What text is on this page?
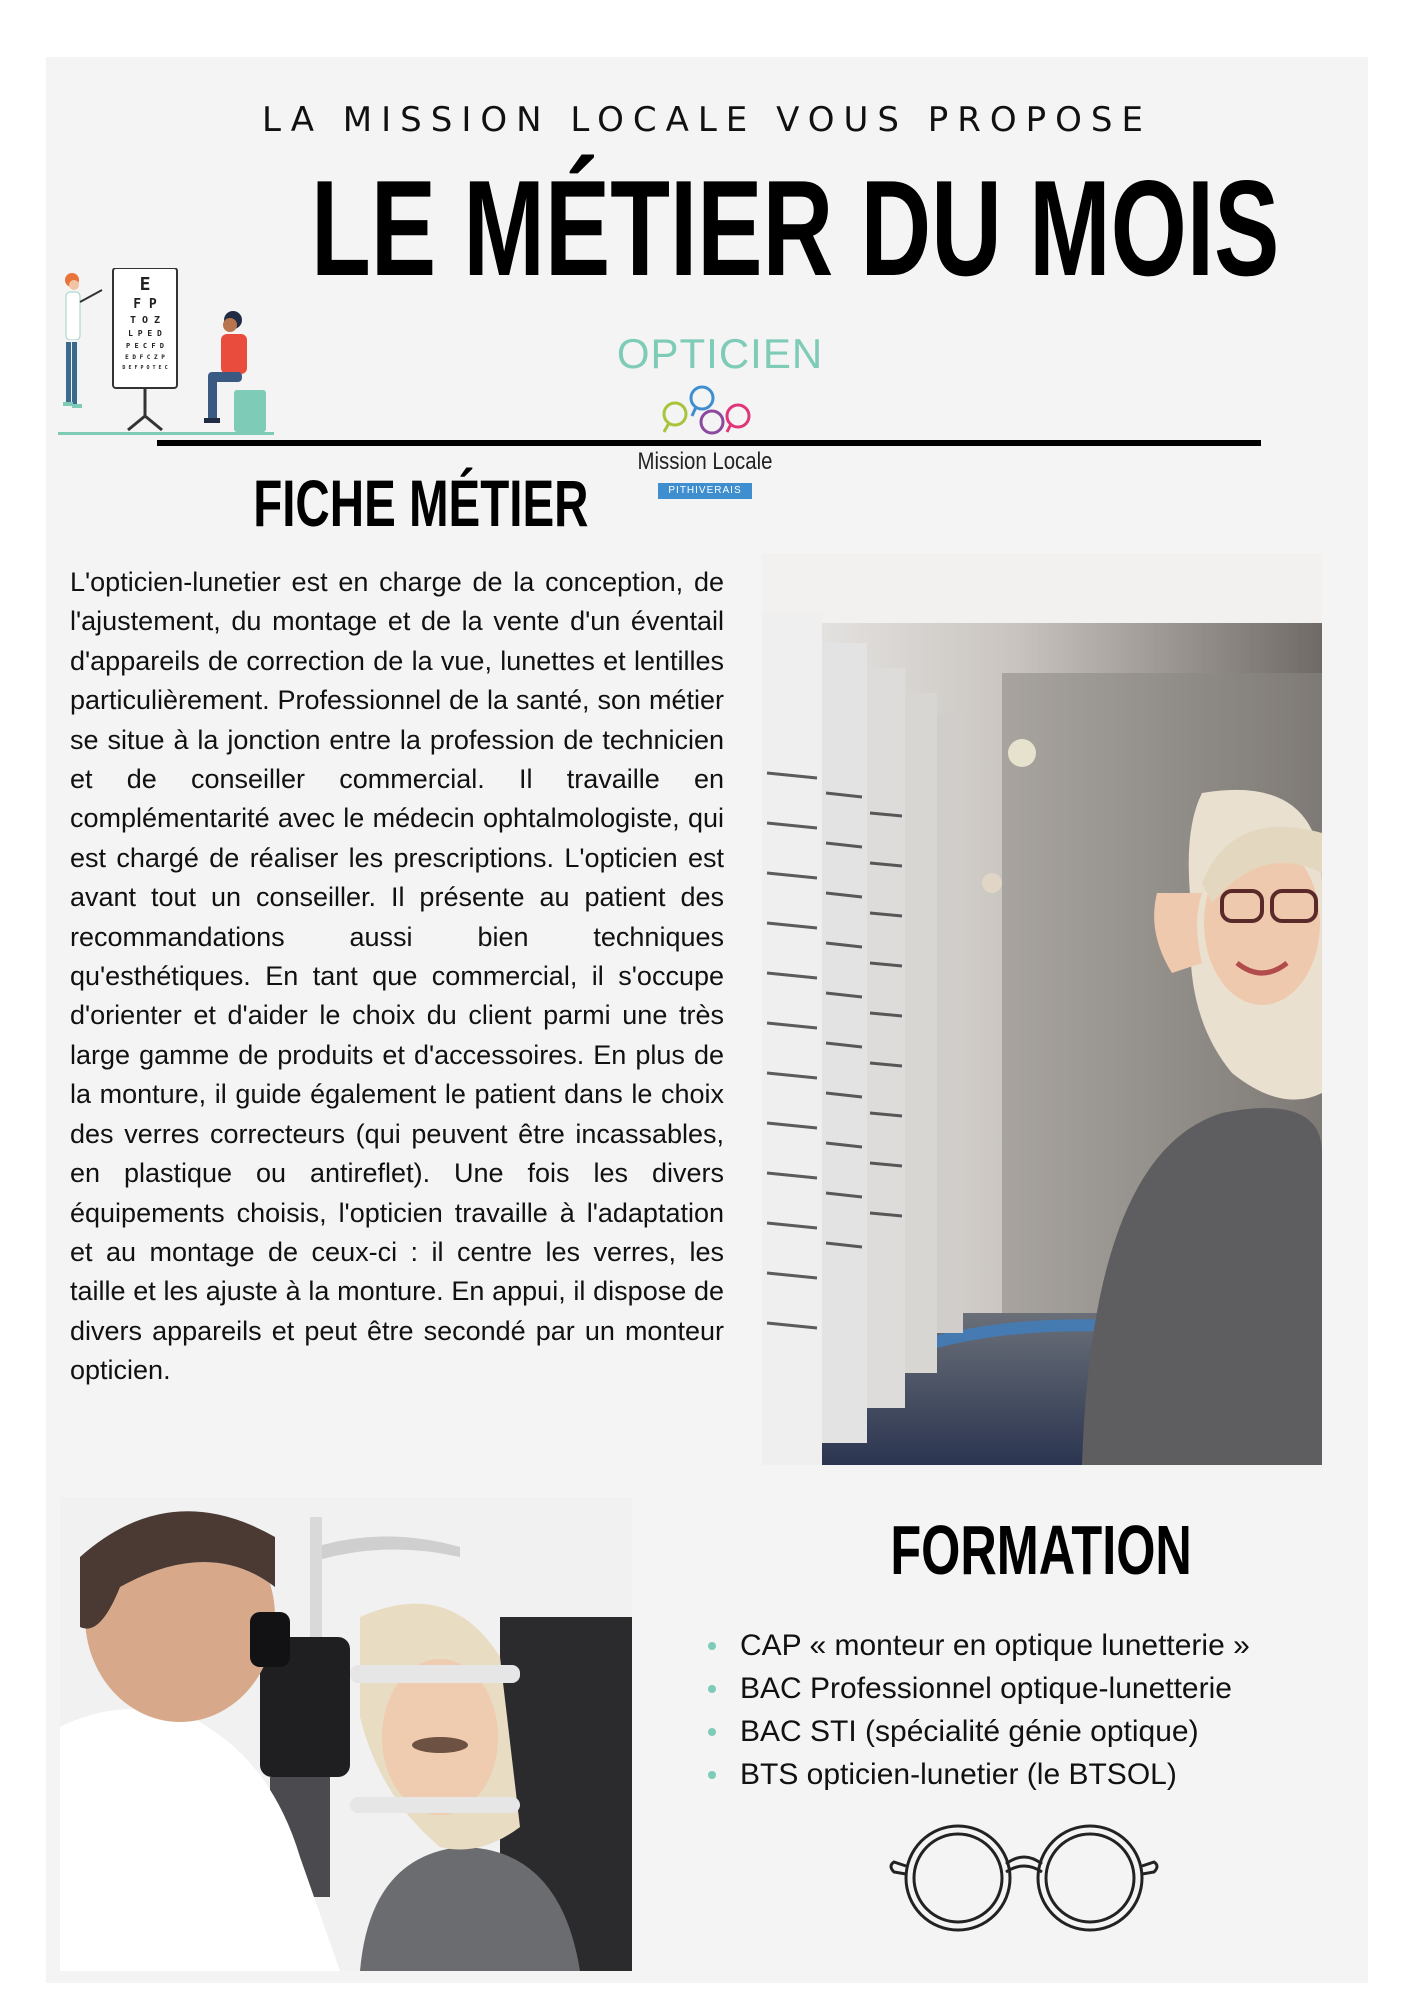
E
F P
T O Z
L P E D
P E C F D
E D F C Z P
D E F P O T E C
LA MISSION LOCALE VOUS PROPOSE
LE MÉTIER DU MOIS
OPTICIEN
Mission Locale
PITHIVERAIS
FICHE MÉTIER
L'opticien-lunetier est en charge de la conception, de l'ajustement, du montage et de la vente d'un éventail d'appareils de correction de la vue, lunettes et lentilles particulièrement. Professionnel de la santé, son métier se situe à la jonction entre la profession de technicien et de conseiller commercial. Il travaille en complémentarité avec le médecin ophtalmologiste, qui est chargé de réaliser les prescriptions. L'opticien est avant tout un conseiller. Il présente au patient des recommandations aussi bien techniques qu'esthétiques. En tant que commercial, il s'occupe d'orienter et d'aider le choix du client parmi une très large gamme de produits et d'accessoires. En plus de la monture, il guide également le patient dans le choix des verres correcteurs (qui peuvent être incassables, en plastique ou antireflet). Une fois les divers équipements choisis, l'opticien travaille à l'adaptation et au montage de ceux-ci : il centre les verres, les taille et les ajuste à la monture. En appui, il dispose de divers appareils et peut être secondé par un monteur opticien.
FORMATION
CAP « monteur en optique lunetterie »
BAC Professionnel optique-lunetterie
BAC STI (spécialité génie optique)
BTS opticien-lunetier (le BTSOL)
